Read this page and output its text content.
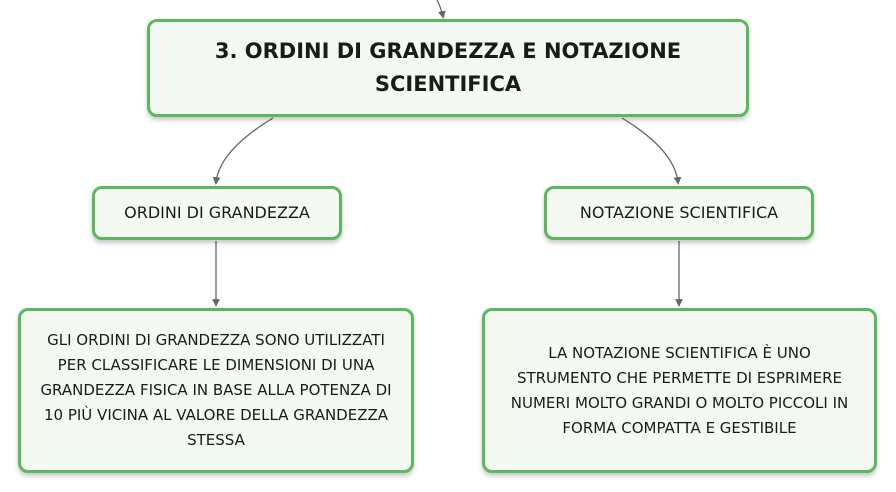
3. ORDINI DI GRANDEZZA E NOTAZIONE SCIENTIFICA
ORDINI DI GRANDEZZA	NOTAZIONE SCIENTIFICA
GLI ORDINI DI GRANDEZZA SONO UTILIZZATI PER CLASSIFICARE LE DIMENSIONI DI UNA GRANDEZZA FISICA IN BASE ALLA POTENZA DI 10 PIÙ VICINA AL VALORE DELLA GRANDEZZA STESSA
LA NOTAZIONE SCIENTIFICA È UNO STRUMENTO CHE PERMETTE DI ESPRIMERE NUMERI MOLTO GRANDI O MOLTO PICCOLI IN FORMA COMPATTA E GESTIBILE
